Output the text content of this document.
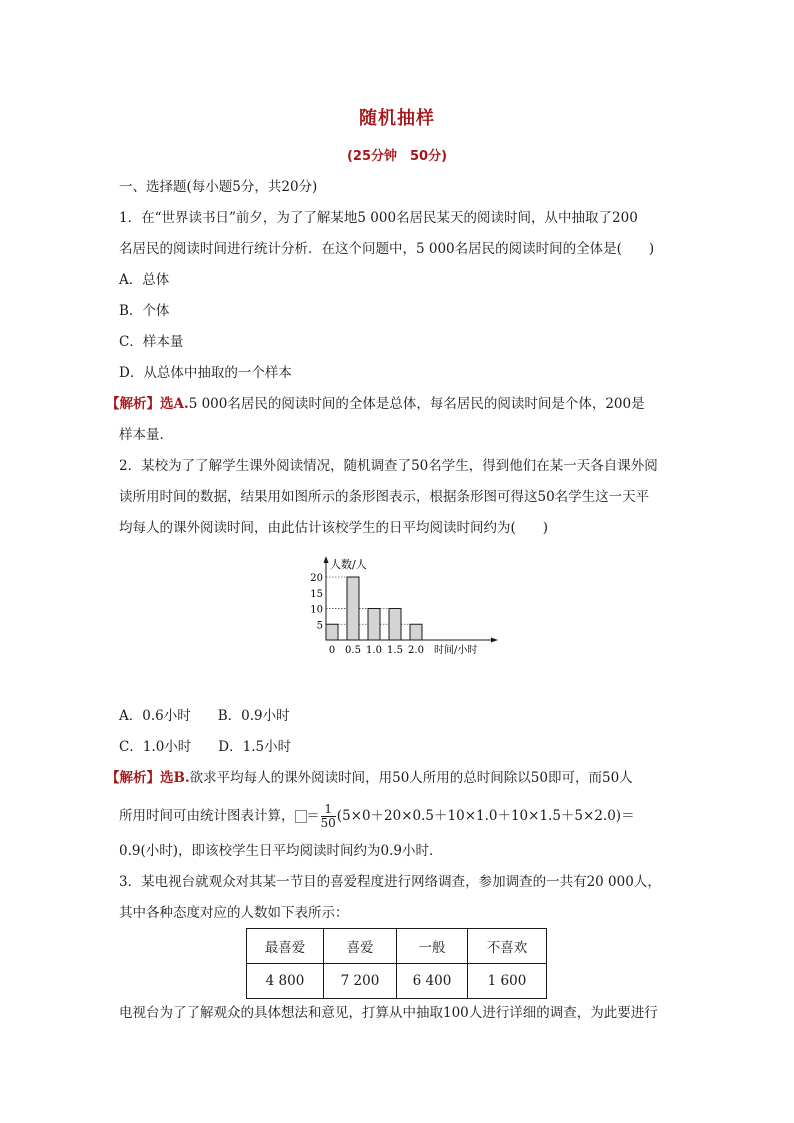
随机抽样
(25分钟　50分)
一、选择题(每小题5分，共20分)
1．在“世界读书日”前夕，为了了解某地5 000名居民某天的阅读时间，从中抽取了200
名居民的阅读时间进行统计分析．在这个问题中，5 000名居民的阅读时间的全体是(　　)
A．总体
B．个体
C．样本量
D．从总体中抽取的一个样本
【解析】选A.5 000名居民的阅读时间的全体是总体，每名居民的阅读时间是个体，200是
样本量．
2．某校为了了解学生课外阅读情况，随机调查了50名学生，得到他们在某一天各自课外阅
读所用时间的数据，结果用如图所示的条形图表示，根据条形图可得这50名学生这一天平
均每人的课外阅读时间，由此估计该校学生的日平均阅读时间约为(　　)
人数/人
时间/小时
5
10
15
20
0 0.5 1.0 1.5 2.0
A．0.6小时　　B．0.9小时
C．1.0小时　　D．1.5小时
【解析】选B.欲求平均每人的课外阅读时间，用50人所用的总时间除以50即可，而50人
所用时间可由统计图表计算， ＝ $\frac{1}{50} (5\times 0+20\times 0.5+10\times 1.0+10\times 1.5+5\times 2.0)=$
0.9(小时)，即该校学生日平均阅读时间约为0.9小时．
3．某电视台就观众对其某一节目的喜爱程度进行网络调查，参加调查的一共有20 000人，
其中各种态度对应的人数如下表所示：
最喜爱	喜爱	一般	不喜欢
4 800	7 200	6 400	1 600
电视台为了了解观众的具体想法和意见，打算从中抽取100人进行详细的调查，为此要进行
